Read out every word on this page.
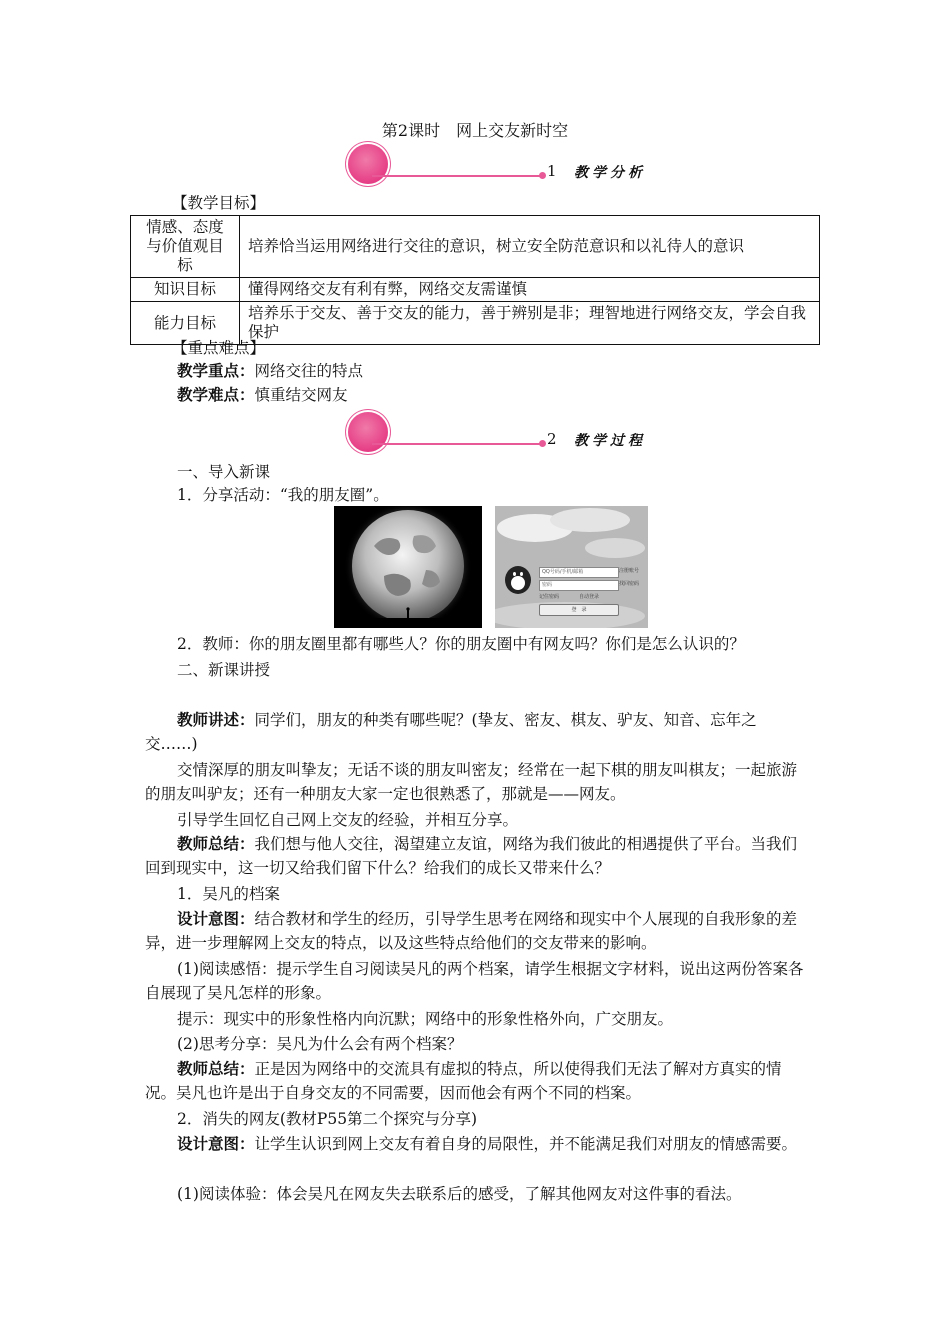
第2课时　网上交友新时空
1 教学分析
【教学目标】
情感、态度与价值观目标	培养恰当运用网络进行交往的意识，树立安全防范意识和以礼待人的意识
知识目标	懂得网络交友有利有弊，网络交友需谨慎
能力目标	培养乐于交友、善于交友的能力，善于辨别是非；理智地进行网络交友，学会自我保护
【重点难点】
教学重点：网络交往的特点
教学难点：慎重结交网友
2 教学过程
一、导入新课
1．分享活动：“我的朋友圈”。
QQ号码/手机/邮箱	注册账号
密码	找回密码
记住密码	自动登录
登　录
2．教师：你的朋友圈里都有哪些人？你的朋友圈中有网友吗？你们是怎么认识的？
二、新课讲授
教师讲述：同学们，朋友的种类有哪些呢？(挚友、密友、棋友、驴友、知音、忘年之交……)
交情深厚的朋友叫挚友；无话不谈的朋友叫密友；经常在一起下棋的朋友叫棋友；一起旅游的朋友叫驴友；还有一种朋友大家一定也很熟悉了，那就是——网友。
引导学生回忆自己网上交友的经验，并相互分享。
教师总结：我们想与他人交往，渴望建立友谊，网络为我们彼此的相遇提供了平台。当我们回到现实中，这一切又给我们留下什么？给我们的成长又带来什么？
1．吴凡的档案
设计意图：结合教材和学生的经历，引导学生思考在网络和现实中个人展现的自我形象的差异，进一步理解网上交友的特点，以及这些特点给他们的交友带来的影响。
(1)阅读感悟：提示学生自习阅读吴凡的两个档案，请学生根据文字材料，说出这两份答案各自展现了吴凡怎样的形象。
提示：现实中的形象性格内向沉默；网络中的形象性格外向，广交朋友。
(2)思考分享：吴凡为什么会有两个档案？
教师总结：正是因为网络中的交流具有虚拟的特点，所以使得我们无法了解对方真实的情况。吴凡也许是出于自身交友的不同需要，因而他会有两个不同的档案。
2．消失的网友(教材P55第二个探究与分享)
设计意图：让学生认识到网上交友有着自身的局限性，并不能满足我们对朋友的情感需要。
(1)阅读体验：体会吴凡在网友失去联系后的感受，了解其他网友对这件事的看法。
